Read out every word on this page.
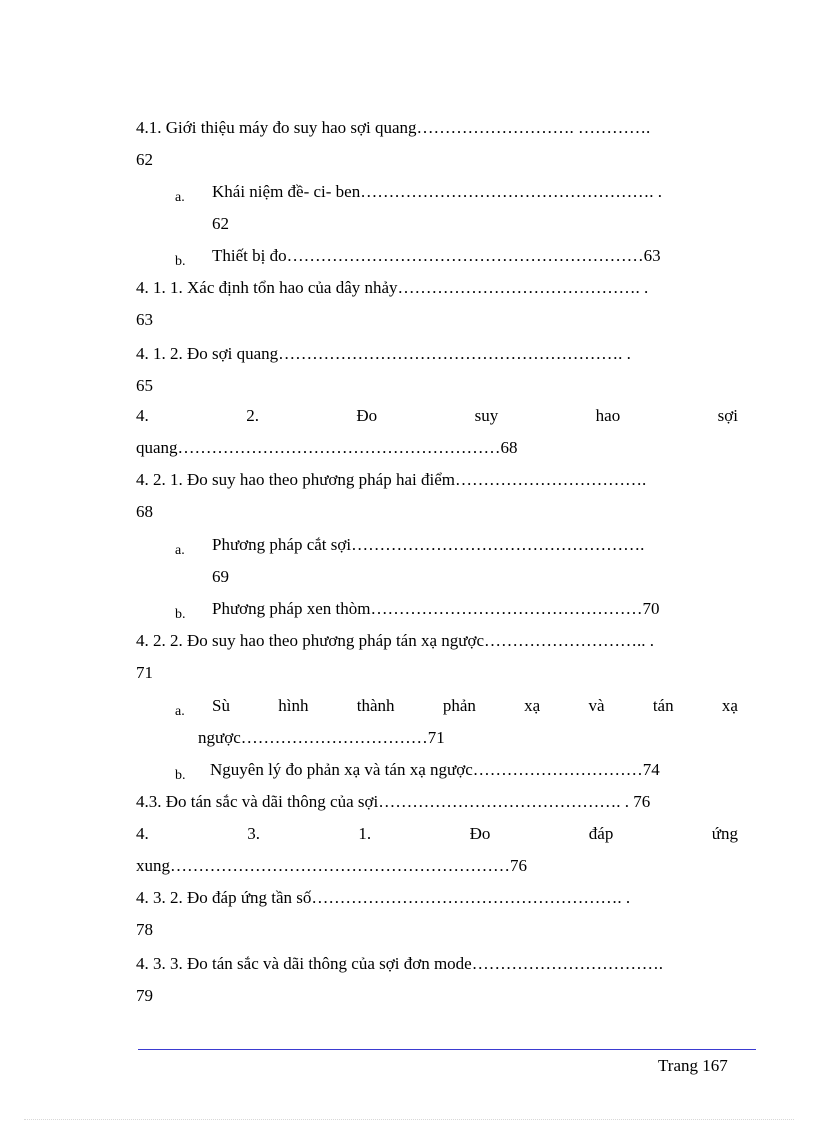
4.1. Giới thiệu máy đo suy hao sợi quang………………………. ………….
62
a. Khái niệm đề- ci- ben……………………………………………. .
62
b. Thiết bị đo………………………………………………………63
4. 1. 1. Xác định tổn hao của dây nhảy……………………………………. .
63
4. 1. 2. Đo sợi quang……………………………………………………. .
65
4.	2.	Đo	suy	hao	sợi
quang…………………………………………………68
4. 2. 1. Đo suy hao theo phương pháp hai điểm…………………………….
68
a. Phương pháp cắt sợi…………………………………………….
69
b. Phương pháp xen thòm…………………………………………70
4. 2. 2. Đo suy hao theo phương pháp tán xạ ngược……………………….. .
71
a. Sù	hình	thành	phản	xạ	và	tán	xạ
ngược……………………………71
b. Nguyên lý đo phản xạ và tán xạ ngược…………………………74
4.3. Đo tán sắc và dãi thông của sợi……………………………………. . 76
4.	3.	1.	Đo	đáp	ứng
xung……………………………………………………76
4. 3. 2. Đo đáp ứng tần số………………………………………………. .
78
4. 3. 3. Đo tán sắc và dãi thông của sợi đơn mode…………………………….
79
Trang 167
